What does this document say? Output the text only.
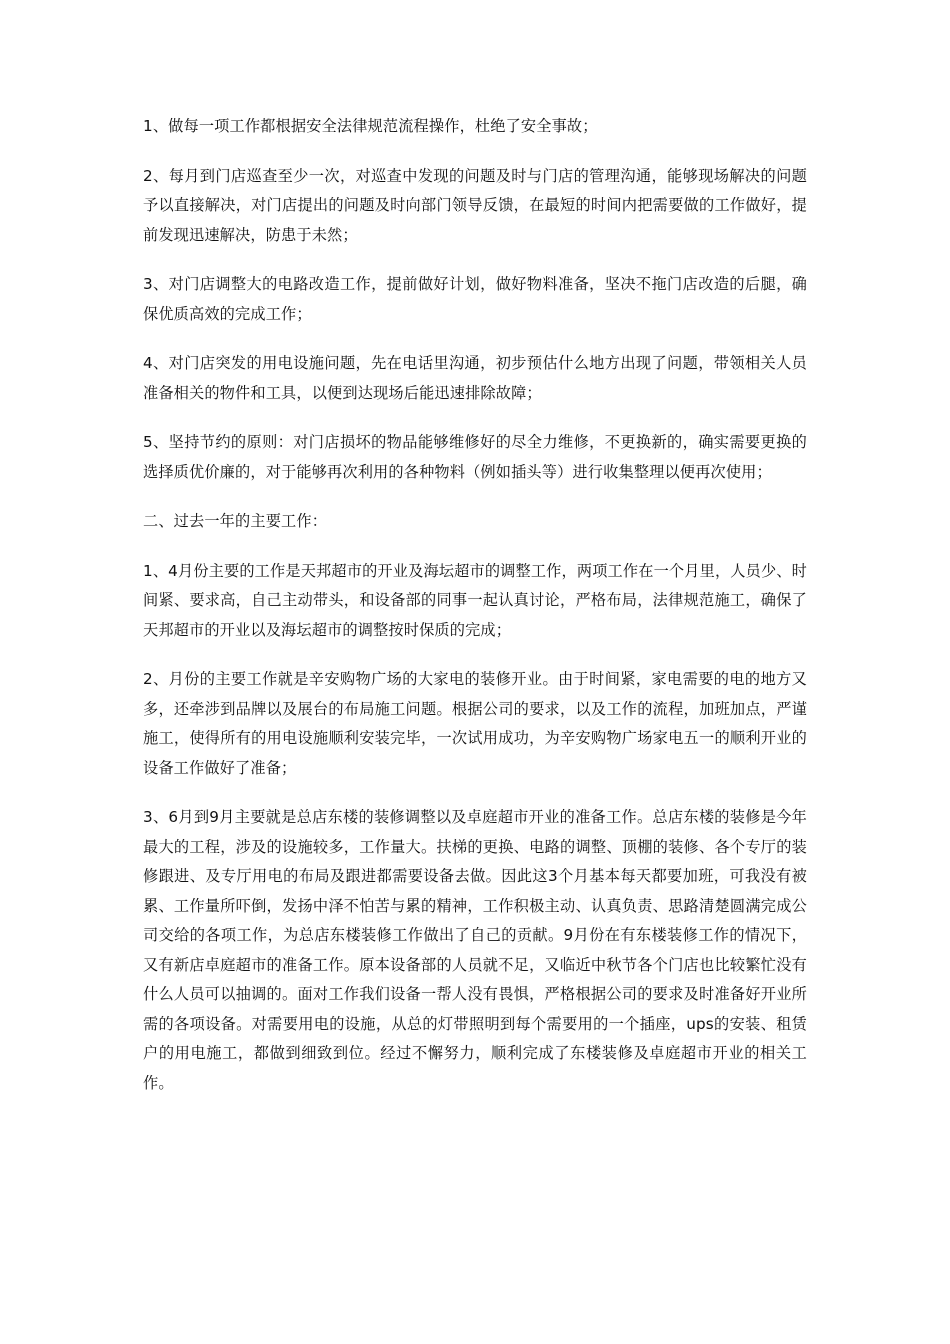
1、做每一项工作都根据安全法律规范流程操作，杜绝了安全事故；

2、每月到门店巡查至少一次，对巡查中发现的问题及时与门店的管理沟通，能够现场解决的问题予以直接解决，对门店提出的问题及时向部门领导反馈，在最短的时间内把需要做的工作做好，提前发现迅速解决，防患于未然；

3、对门店调整大的电路改造工作，提前做好计划，做好物料准备，坚决不拖门店改造的后腿，确保优质高效的完成工作；

4、对门店突发的用电设施问题，先在电话里沟通，初步预估什么地方出现了问题，带领相关人员准备相关的物件和工具，以便到达现场后能迅速排除故障；

5、坚持节约的原则：对门店损坏的物品能够维修好的尽全力维修，不更换新的，确实需要更换的选择质优价廉的，对于能够再次利用的各种物料（例如插头等）进行收集整理以便再次使用；

二、过去一年的主要工作：

1、4月份主要的工作是天邦超市的开业及海坛超市的调整工作，两项工作在一个月里，人员少、时间紧、要求高，自己主动带头，和设备部的同事一起认真讨论，严格布局，法律规范施工，确保了天邦超市的开业以及海坛超市的调整按时保质的完成；

2、月份的主要工作就是辛安购物广场的大家电的装修开业。由于时间紧，家电需要的电的地方又多，还牵涉到品牌以及展台的布局施工问题。根据公司的要求，以及工作的流程，加班加点，严谨施工，使得所有的用电设施顺利安装完毕，一次试用成功，为辛安购物广场家电五一的顺利开业的设备工作做好了准备；

3、6月到9月主要就是总店东楼的装修调整以及卓庭超市开业的准备工作。总店东楼的装修是今年最大的工程，涉及的设施较多，工作量大。扶梯的更换、电路的调整、顶棚的装修、各个专厅的装修跟进、及专厅用电的布局及跟进都需要设备去做。因此这3个月基本每天都要加班，可我没有被累、工作量所吓倒，发扬中泽不怕苦与累的精神，工作积极主动、认真负责、思路清楚圆满完成公司交给的各项工作，为总店东楼装修工作做出了自己的贡献。9月份在有东楼装修工作的情况下，又有新店卓庭超市的准备工作。原本设备部的人员就不足，又临近中秋节各个门店也比较繁忙没有什么人员可以抽调的。面对工作我们设备一帮人没有畏惧，严格根据公司的要求及时准备好开业所需的各项设备。对需要用电的设施，从总的灯带照明到每个需要用的一个插座，ups的安装、租赁户的用电施工，都做到细致到位。经过不懈努力，顺利完成了东楼装修及卓庭超市开业的相关工作。
